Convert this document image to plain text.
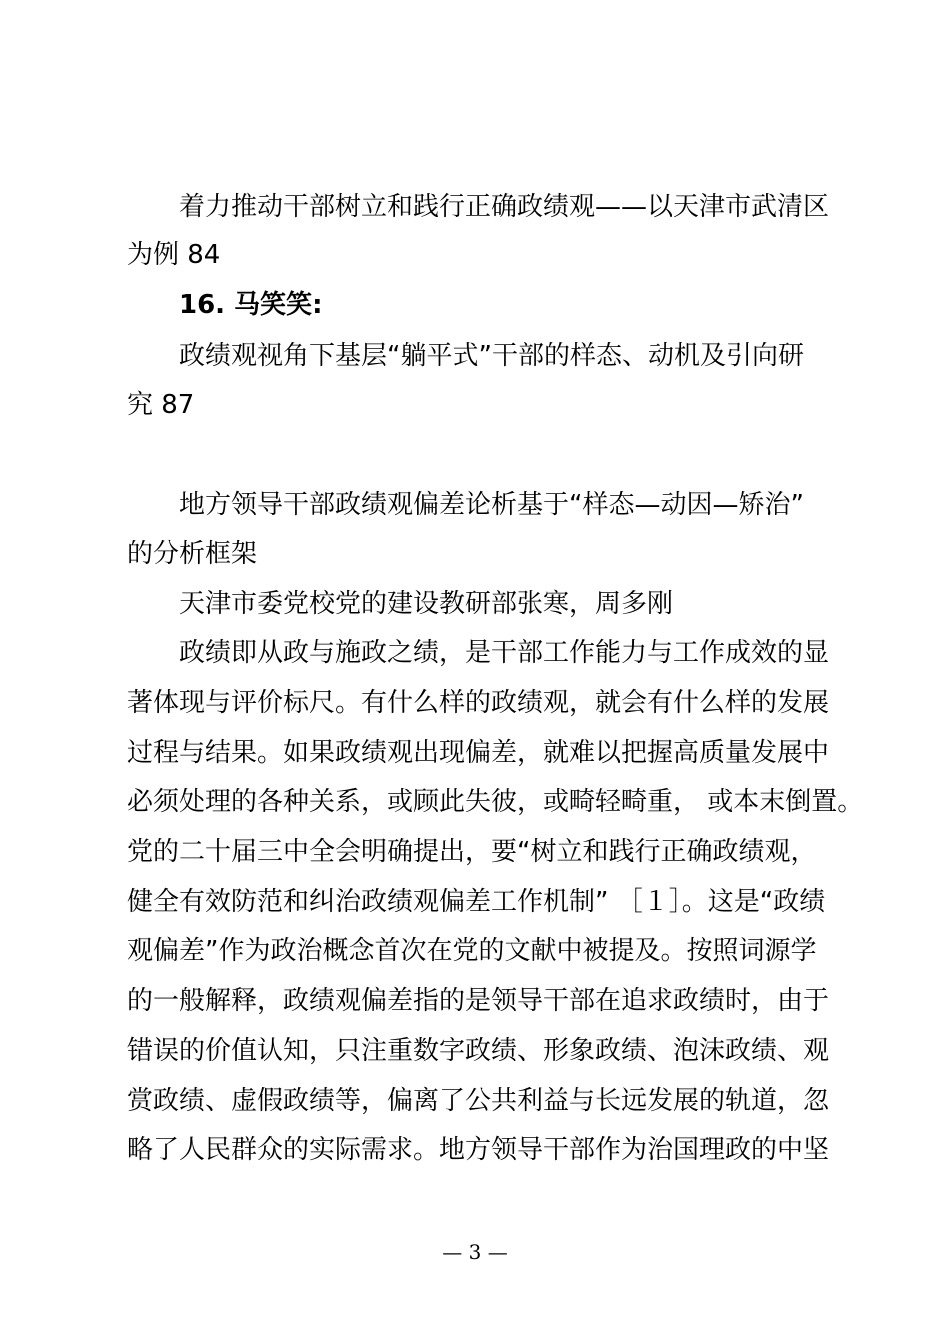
着力推动干部树立和践行正确政绩观——以天津市武清区
为例 84
16. 马笑笑:
政绩观视角下基层“躺平式”干部的样态、动机及引向研
究 87
地方领导干部政绩观偏差论析基于“样态—动因—矫治”
的分析框架
天津市委党校党的建设教研部张寒，周多刚
政绩即从政与施政之绩，是干部工作能力与工作成效的显
著体现与评价标尺。有什么样的政绩观，就会有什么样的发展
过程与结果。如果政绩观出现偏差，就难以把握高质量发展中
必须处理的各种关系，或顾此失彼，或畸轻畸重， 或本末倒置。
党的二十届三中全会明确提出，要“树立和践行正确政绩观，
健全有效防范和纠治政绩观偏差工作机制” ［１］。这是“政绩
观偏差”作为政治概念首次在党的文献中被提及。按照词源学
的一般解释，政绩观偏差指的是领导干部在追求政绩时，由于
错误的价值认知，只注重数字政绩、形象政绩、泡沫政绩、观
赏政绩、虚假政绩等，偏离了公共利益与长远发展的轨道，忽
略了人民群众的实际需求。地方领导干部作为治国理政的中坚
— 3 —
